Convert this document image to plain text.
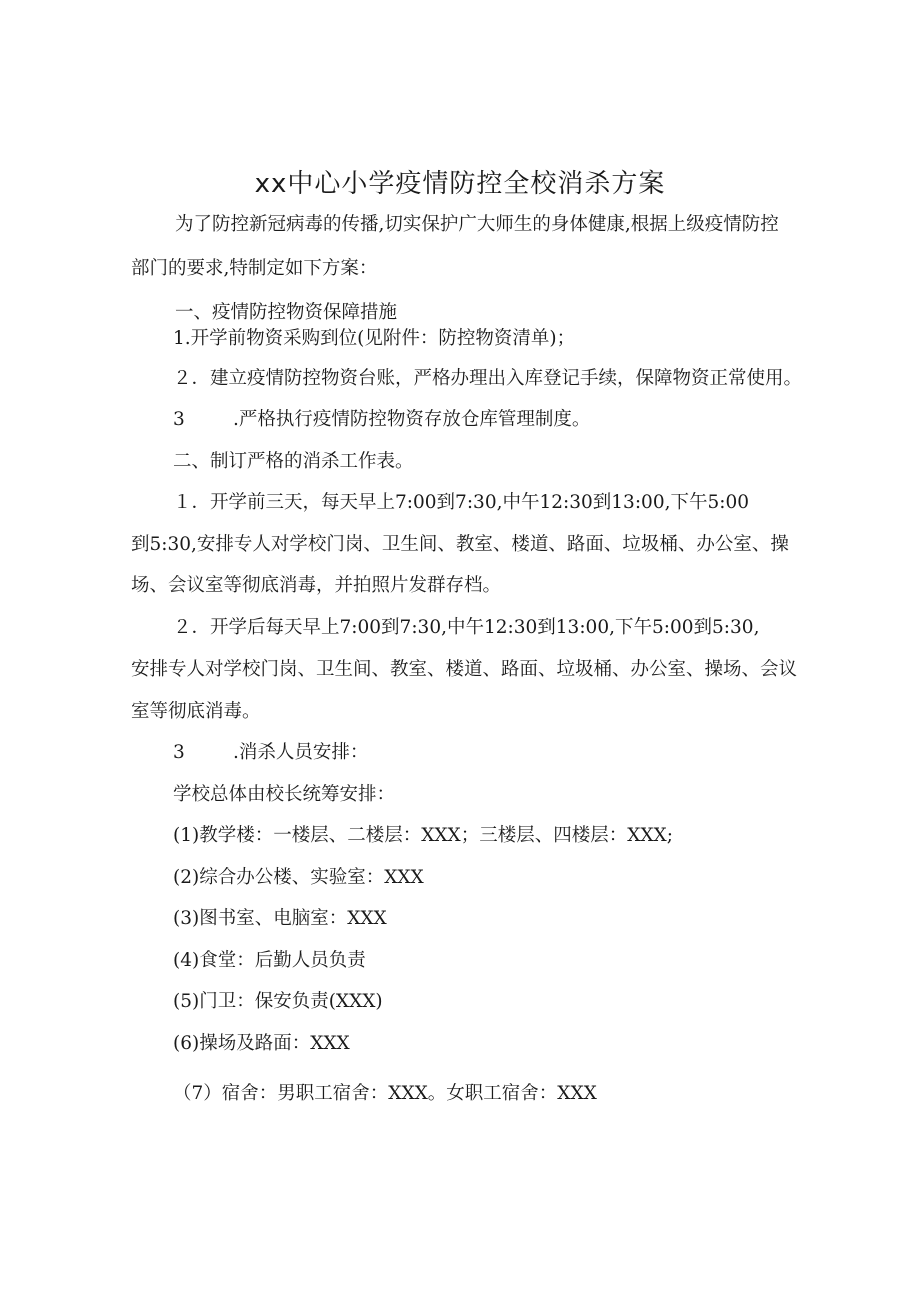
xx中心小学疫情防控全校消杀方案
为了防控新冠病毒的传播,切实保护广大师生的身体健康,根据上级疫情防控
部门的要求,特制定如下方案：
一、疫情防控物资保障措施
1.开学前物资采购到位(见附件：防控物资清单)；
２．建立疫情防控物资台账，严格办理出入库登记手续，保障物资正常使用。
3	.严格执行疫情防控物资存放仓库管理制度。
二、制订严格的消杀工作表。
１．开学前三天，每天早上7:00到7:30,中午12:30到13:00,下午5:00
到5:30,安排专人对学校门岗、卫生间、教室、楼道、路面、垃圾桶、办公室、操
场、会议室等彻底消毒，并拍照片发群存档。
２．开学后每天早上7:00到7:30,中午12:30到13:00,下午5:00到5:30,
安排专人对学校门岗、卫生间、教室、楼道、路面、垃圾桶、办公室、操场、会议
室等彻底消毒。
3	.消杀人员安排：
学校总体由校长统筹安排：
(1)教学楼：一楼层、二楼层：XXX；三楼层、四楼层：XXX;
(2)综合办公楼、实验室：XXX
(3)图书室、电脑室：XXX
(4)食堂：后勤人员负责
(5)门卫：保安负责(XXX)
(6)操场及路面：XXX
（7）宿舍：男职工宿舍：XXX。女职工宿舍：XXX
